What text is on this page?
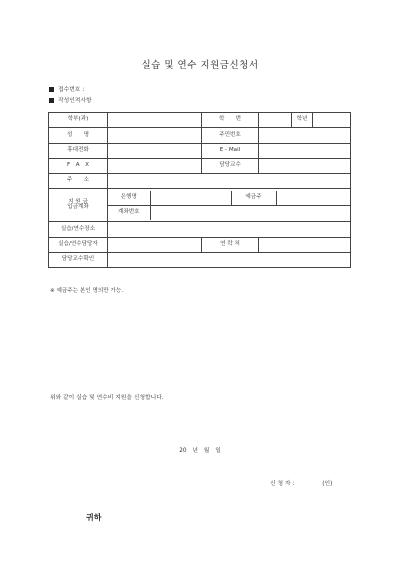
실습 및 연수 지원금신청서
접수번호 :
작성인적사항
학부(과)		학　　번		학년	
성　　명		주민번호	
휴대전화		E - Mail	
F　A　X		담당교수	
주　　소	
지 원 금
입금계좌	
은행명		예금주	
계좌번호	

실습/연수장소	
실습/연수담당자		연 락 처	
담당교수확인	
※ 예금주는 본인 명의만 가능.
위와 같이 실습 및 연수비 지원을 신청합니다.
20 년　월　일
신 청 자 :	(인)
귀하
